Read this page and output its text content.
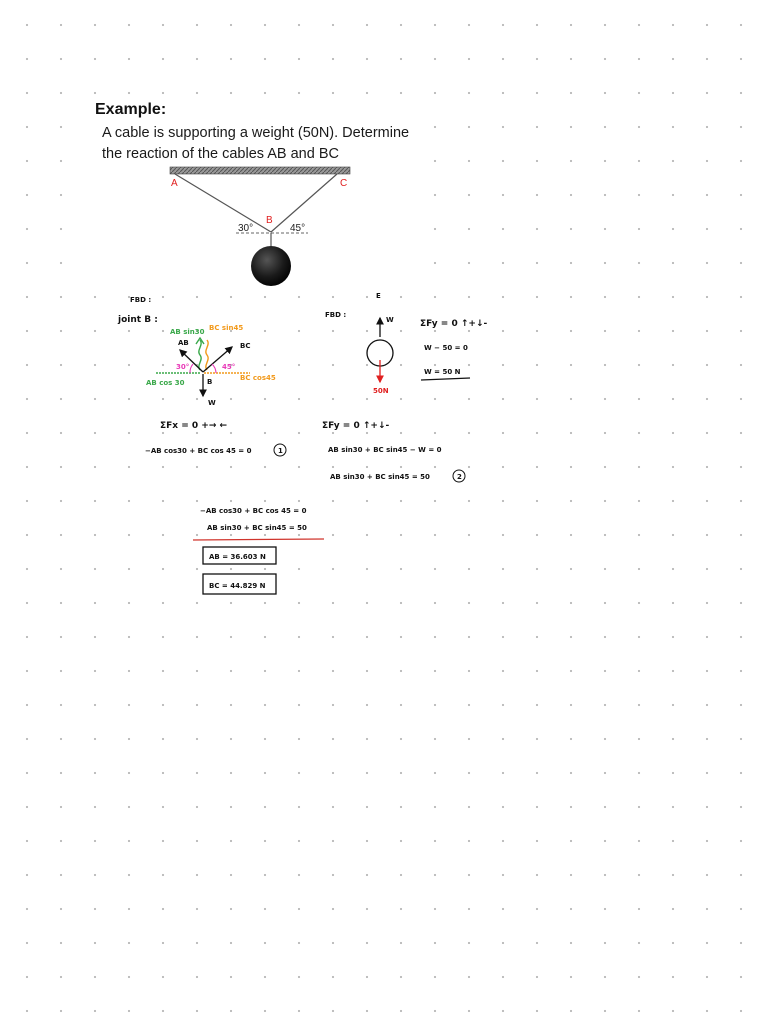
Example:
A cable is supporting a weight (50N). Determine the reaction of the cables AB and BC
A
B
C
30°	45°
FBD :
joint B :
AB sin30 BC sin45
AB	BC
30°	45°
AB cos 30
BC cos45
B
W
E
FBD :
W
50N
ΣFy = 0 ↑+↓-
W − 50 = 0
W = 50 N
ΣFx = 0 +→ ←
−AB cos30 + BC cos 45 = 0	1
ΣFy = 0 ↑+↓-
AB sin30 + BC sin45 − W = 0
AB sin30 + BC sin45 = 50	2
−AB cos30 + BC cos 45 = 0
AB sin30 + BC sin45 = 50
AB = 36.603 N
BC = 44.829 N
